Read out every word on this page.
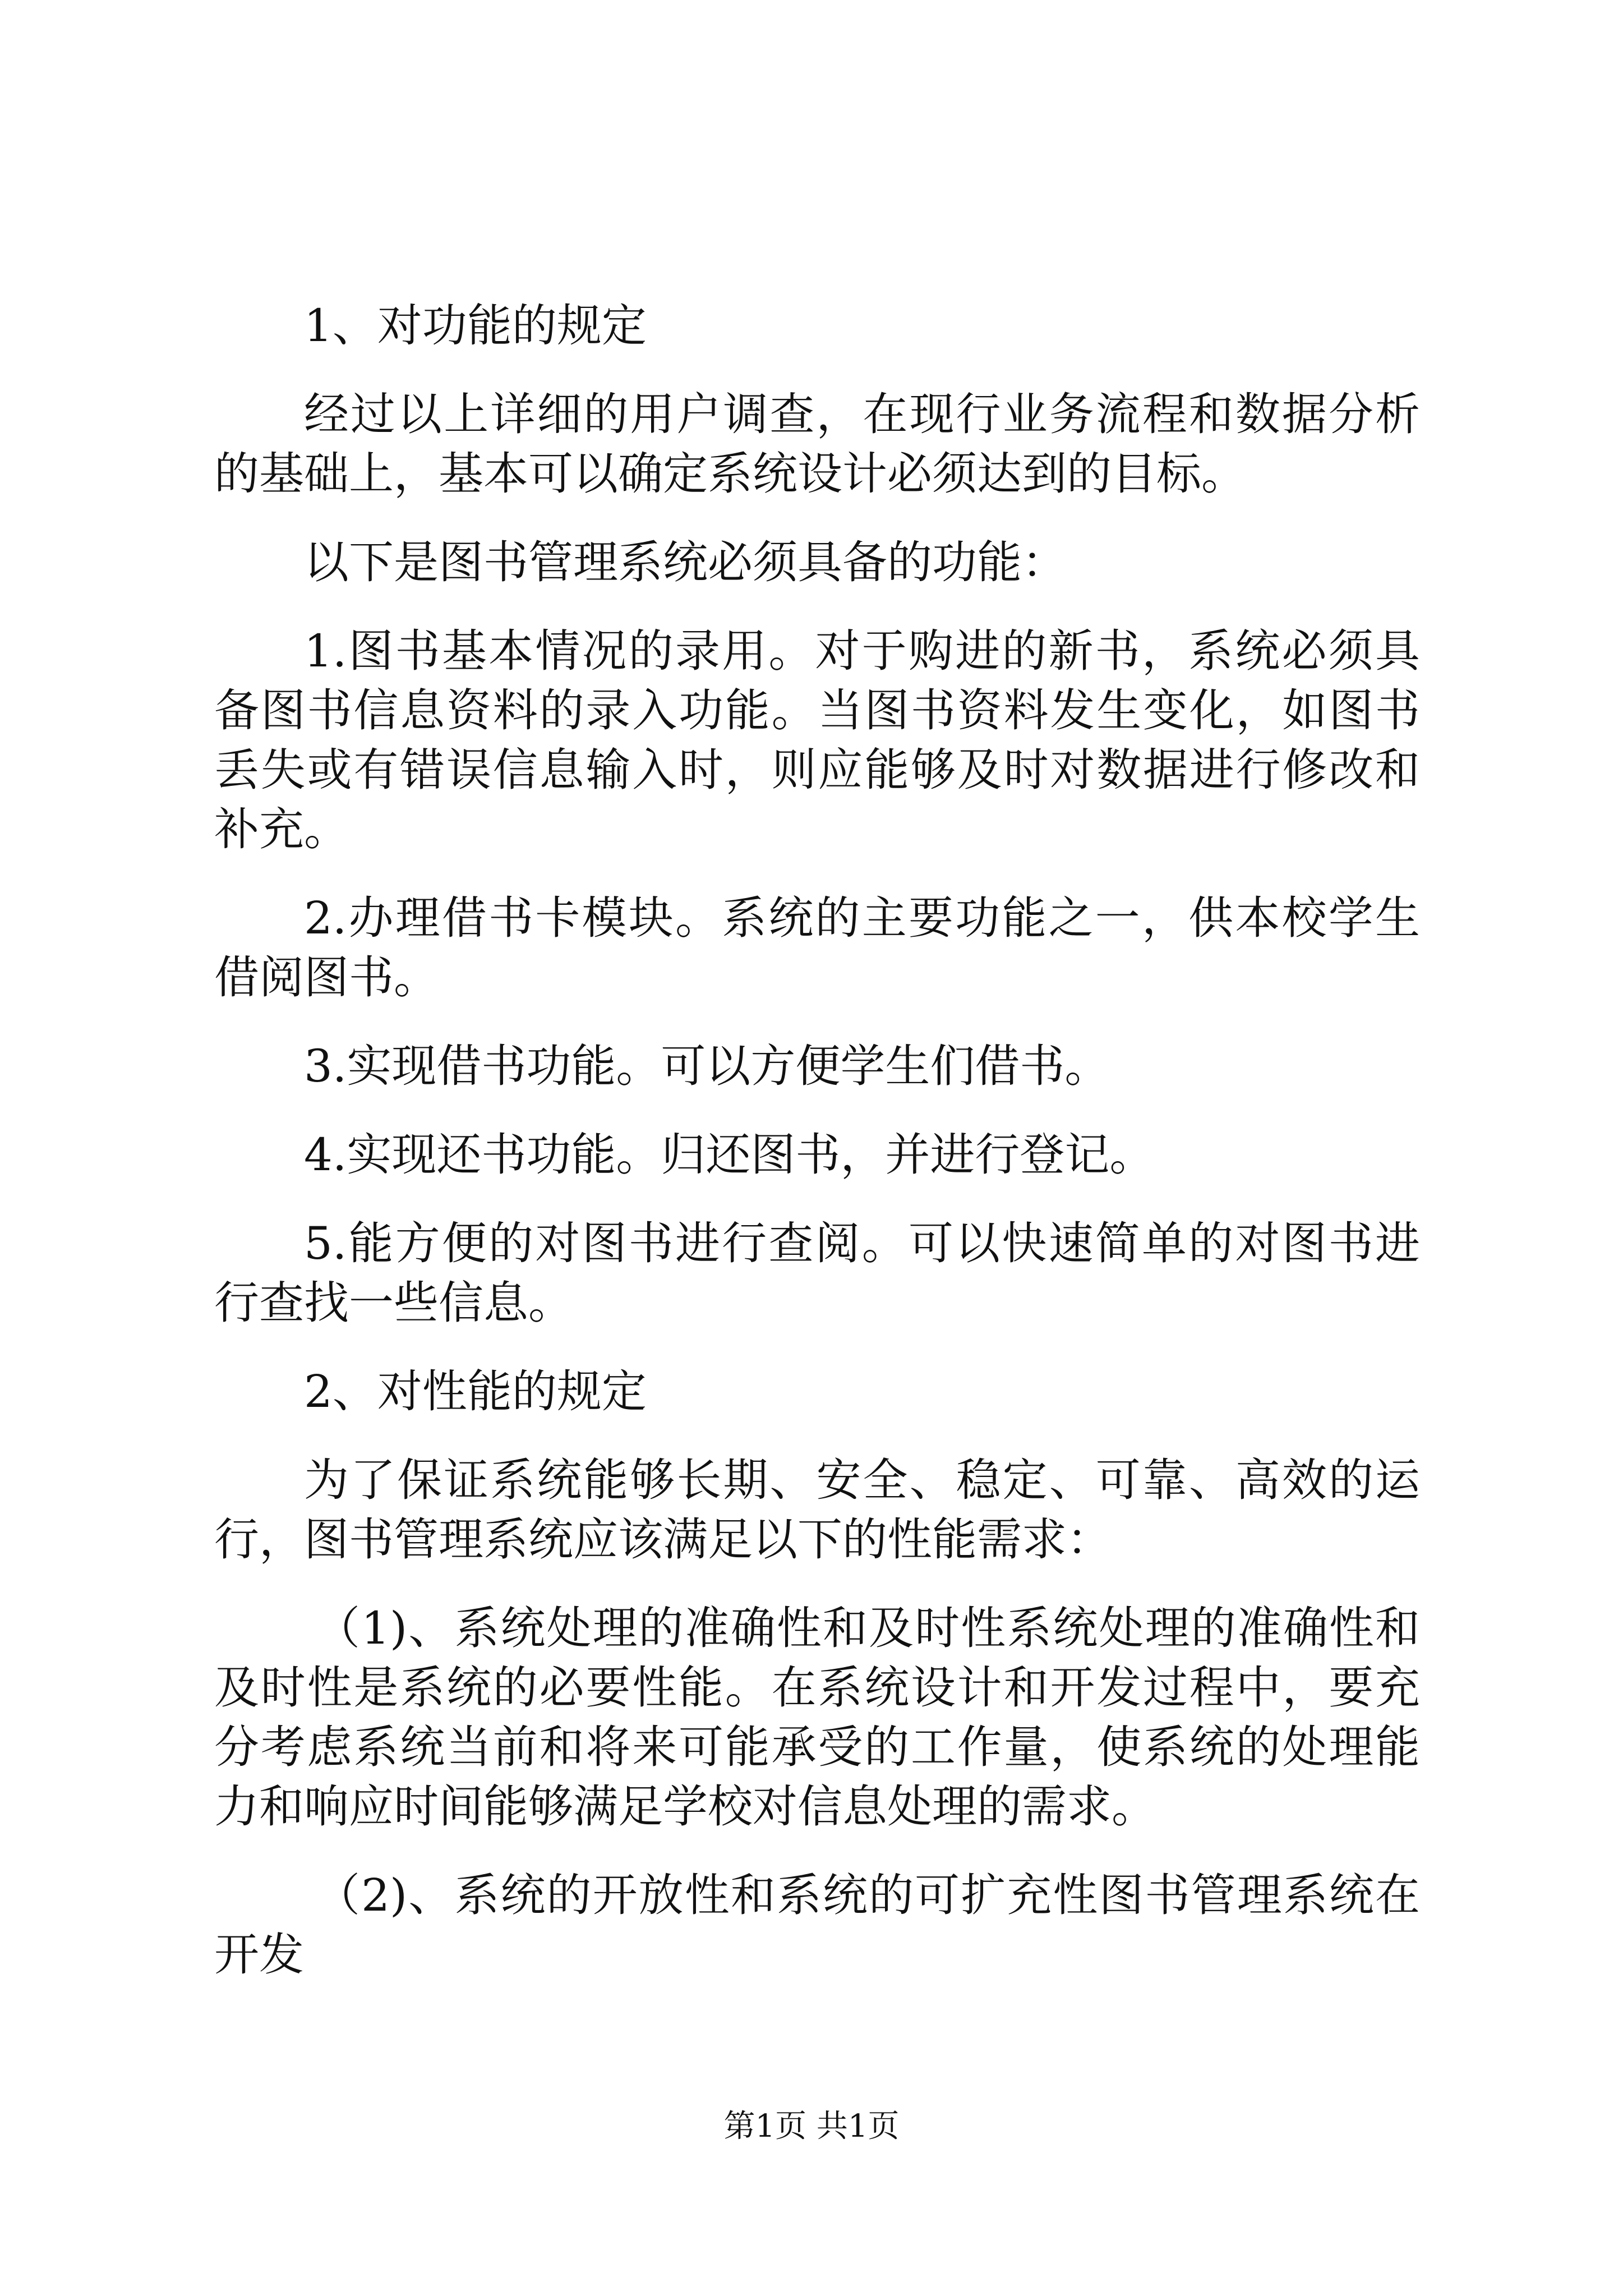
1、对功能的规定

经过以上详细的用户调查，在现行业务流程和数据分析的基础上，基本可以确定系统设计必须达到的目标。

以下是图书管理系统必须具备的功能：

1.图书基本情况的录用。对于购进的新书，系统必须具备图书信息资料的录入功能。当图书资料发生变化，如图书丢失或有错误信息输入时，则应能够及时对数据进行修改和补充。

2.办理借书卡模块。系统的主要功能之一，供本校学生借阅图书。

3.实现借书功能。可以方便学生们借书。

4.实现还书功能。归还图书，并进行登记。

5.能方便的对图书进行查阅。可以快速简单的对图书进行查找一些信息。

2、对性能的规定

为了保证系统能够长期、安全、稳定、可靠、高效的运行，图书管理系统应该满足以下的性能需求：

（1)、系统处理的准确性和及时性系统处理的准确性和及时性是系统的必要性能。在系统设计和开发过程中，要充分考虑系统当前和将来可能承受的工作量，使系统的处理能力和响应时间能够满足学校对信息处理的需求。

（2)、系统的开放性和系统的可扩充性图书管理系统在开发

第1页 共1页
